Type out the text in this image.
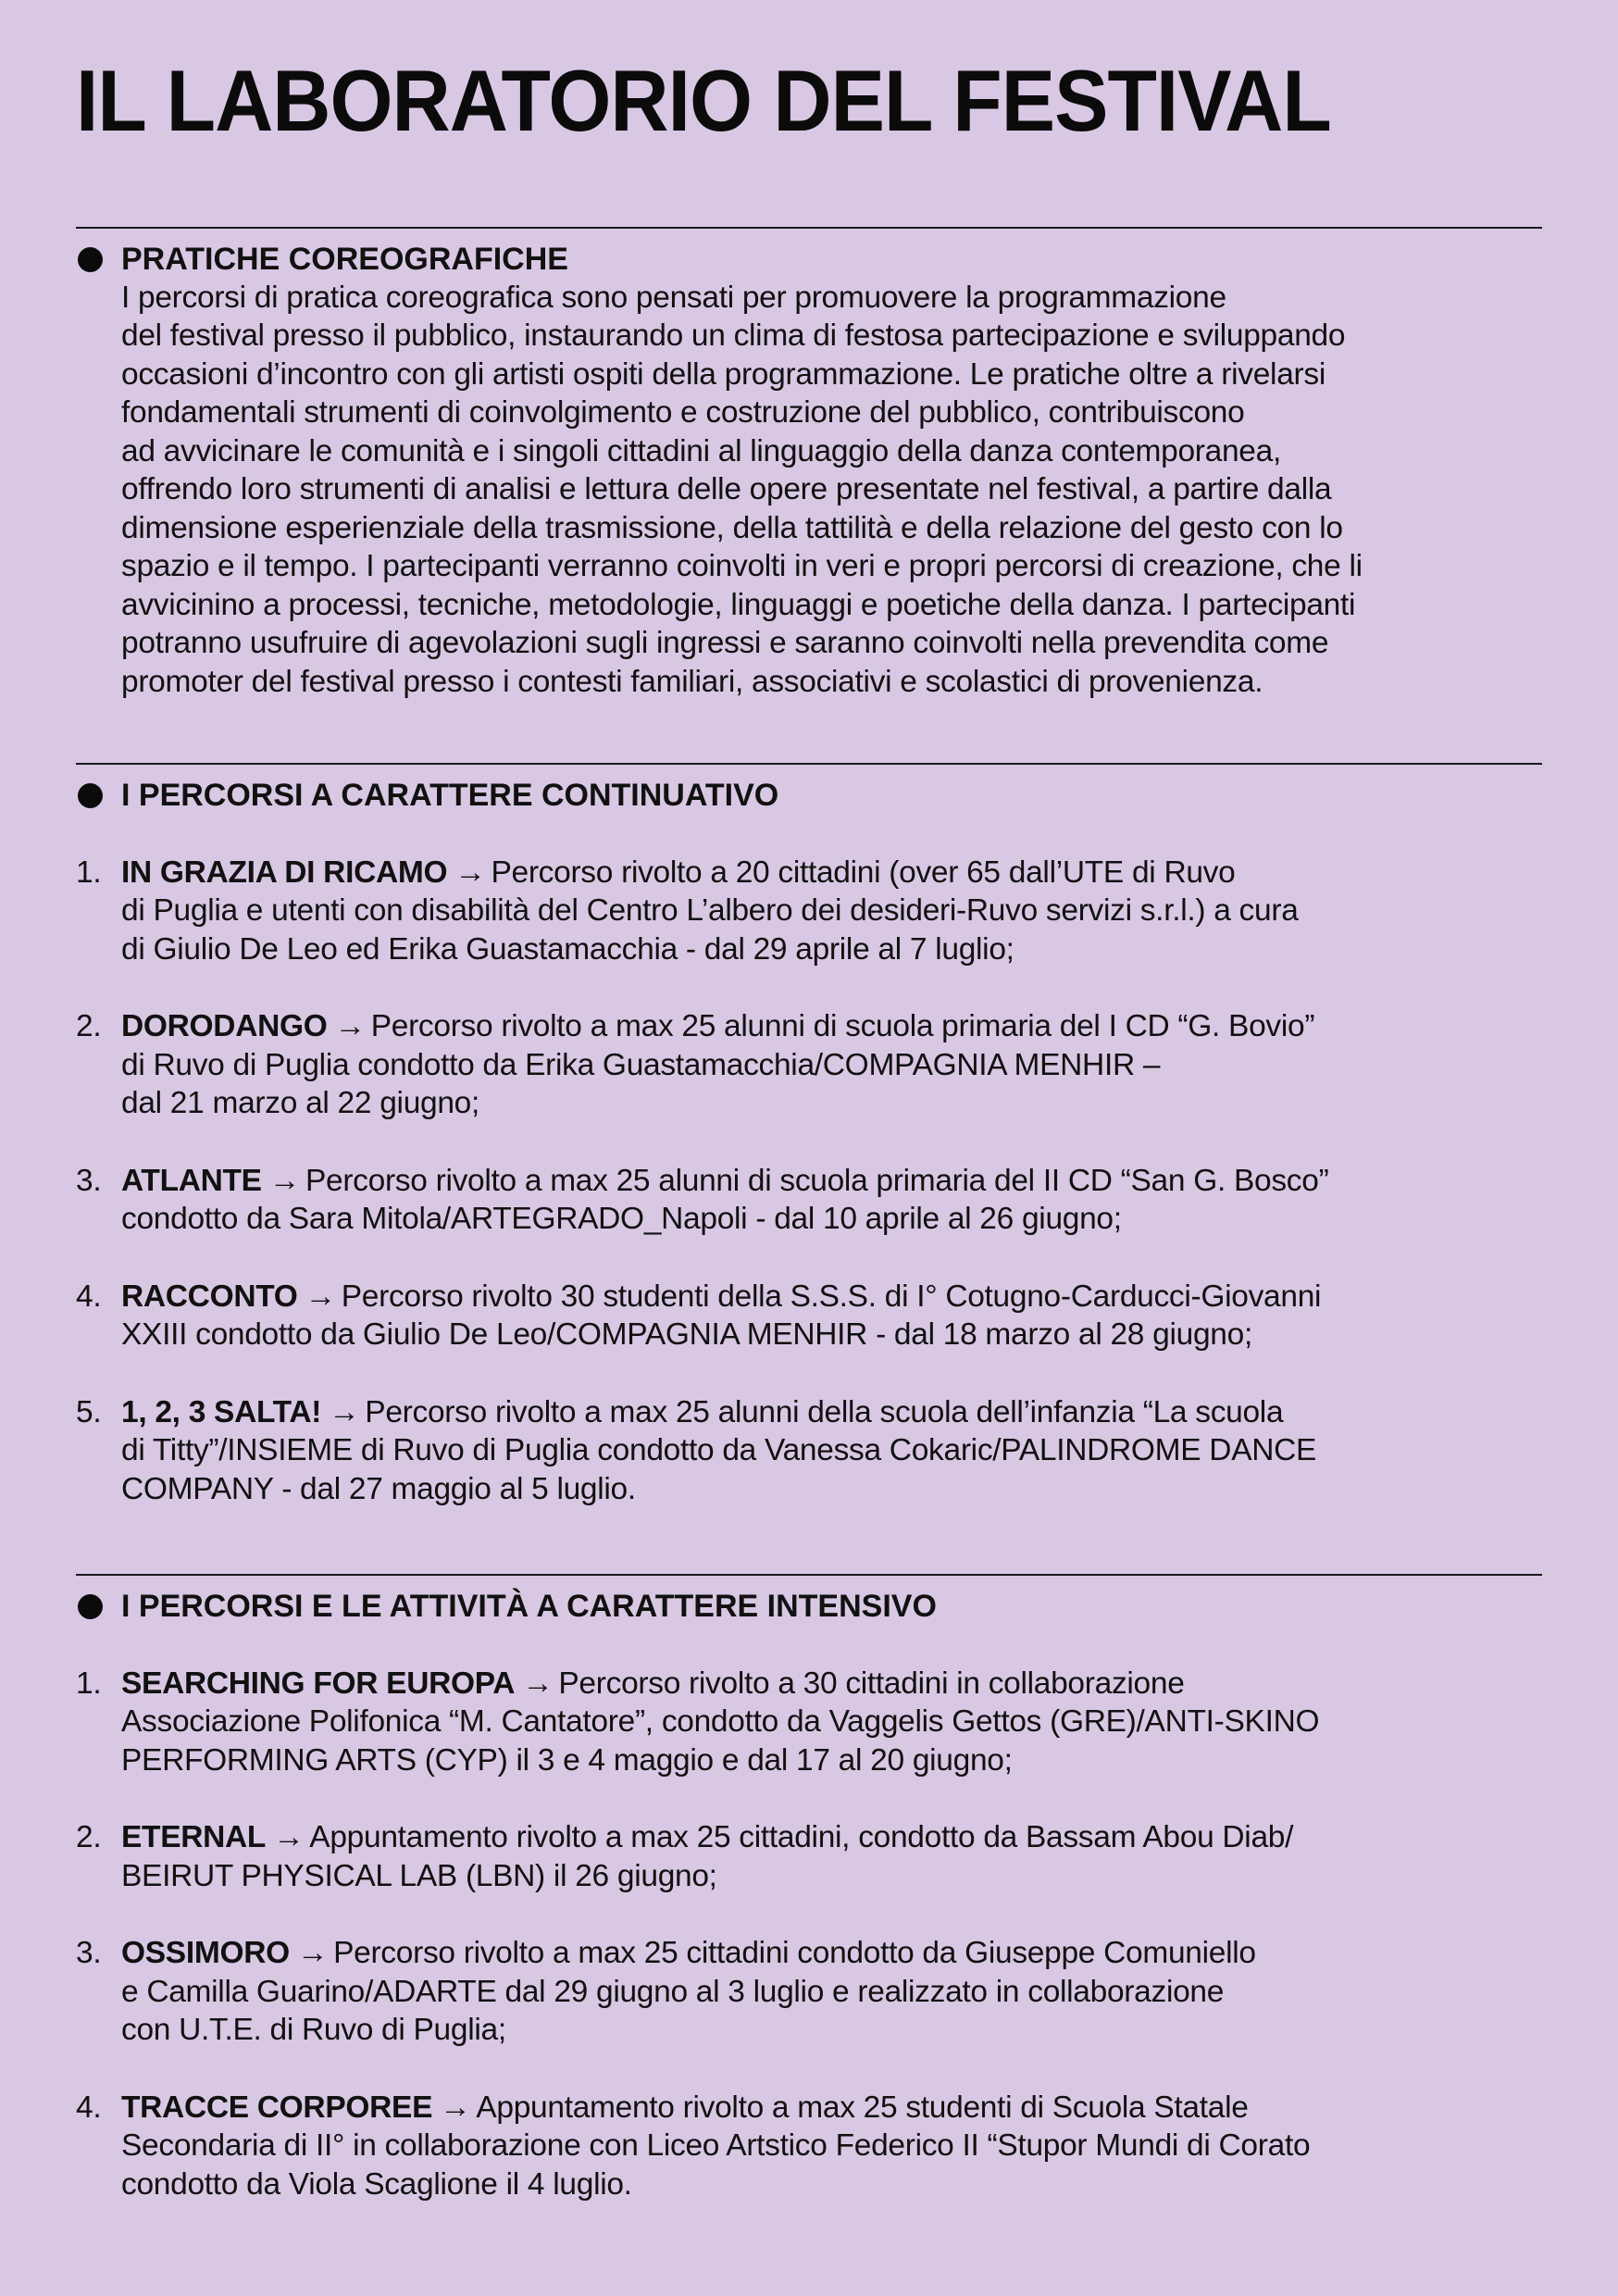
IL LABORATORIO DEL FESTIVAL
PRATICHE COREOGRAFICHE

I percorsi di pratica coreografica sono pensati per promuovere la programmazione
del festival presso il pubblico, instaurando un clima di festosa partecipazione e sviluppando
occasioni d’incontro con gli artisti ospiti della programmazione. Le pratiche oltre a rivelarsi
fondamentali strumenti di coinvolgimento e costruzione del pubblico, contribuiscono
ad avvicinare le comunità e i singoli cittadini al linguaggio della danza contemporanea,
offrendo loro strumenti di analisi e lettura delle opere presentate nel festival, a partire dalla
dimensione esperienziale della trasmissione, della tattilità e della relazione del gesto con lo
spazio e il tempo. I partecipanti verranno coinvolti in veri e propri percorsi di creazione, che li
avvicinino a processi, tecniche, metodologie, linguaggi e poetiche della danza. I partecipanti
potranno usufruire di agevolazioni sugli ingressi e saranno coinvolti nella prevendita come
promoter del festival presso i contesti familiari, associativi e scolastici di provenienza.

I PERCORSI A CARATTERE CONTINUATIVO
1. IN GRAZIA DI RICAMO → Percorso rivolto a 20 cittadini (over 65 dall’UTE di Ruvo
di Puglia e utenti con disabilità del Centro L’albero dei desideri-Ruvo servizi s.r.l.) a cura
di Giulio De Leo ed Erika Guastamacchia - dal 29 aprile al 7 luglio;
2. DORODANGO → Percorso rivolto a max 25 alunni di scuola primaria del I CD “G. Bovio”
di Ruvo di Puglia condotto da Erika Guastamacchia/COMPAGNIA MENHIR –
dal 21 marzo al 22 giugno;
3. ATLANTE → Percorso rivolto a max 25 alunni di scuola primaria del II CD “San G. Bosco”
condotto da Sara Mitola/ARTEGRADO_Napoli - dal 10 aprile al 26 giugno;
4. RACCONTO → Percorso rivolto 30 studenti della S.S.S. di I° Cotugno-Carducci-Giovanni
XXIII condotto da Giulio De Leo/COMPAGNIA MENHIR - dal 18 marzo al 28 giugno;
5. 1, 2, 3 SALTA! → Percorso rivolto a max 25 alunni della scuola dell’infanzia “La scuola
di Titty”/INSIEME di Ruvo di Puglia condotto da Vanessa Cokaric/PALINDROME DANCE
COMPANY - dal 27 maggio al 5 luglio.
I PERCORSI E LE ATTIVITÀ A CARATTERE INTENSIVO
1. SEARCHING FOR EUROPA → Percorso rivolto a 30 cittadini in collaborazione
Associazione Polifonica “M. Cantatore”, condotto da Vaggelis Gettos (GRE)/ANTI-SKINO
PERFORMING ARTS (CYP) il 3 e 4 maggio e dal 17 al 20 giugno;
2. ETERNAL → Appuntamento rivolto a max 25 cittadini, condotto da Bassam Abou Diab/
BEIRUT PHYSICAL LAB (LBN) il 26 giugno;
3. OSSIMORO → Percorso rivolto a max 25 cittadini condotto da Giuseppe Comuniello
e Camilla Guarino/ADARTE dal 29 giugno al 3 luglio e realizzato in collaborazione
con U.T.E. di Ruvo di Puglia;
4. TRACCE CORPOREE → Appuntamento rivolto a max 25 studenti di Scuola Statale
Secondaria di II° in collaborazione con Liceo Artstico Federico II “Stupor Mundi di Corato
condotto da Viola Scaglione il 4 luglio.
